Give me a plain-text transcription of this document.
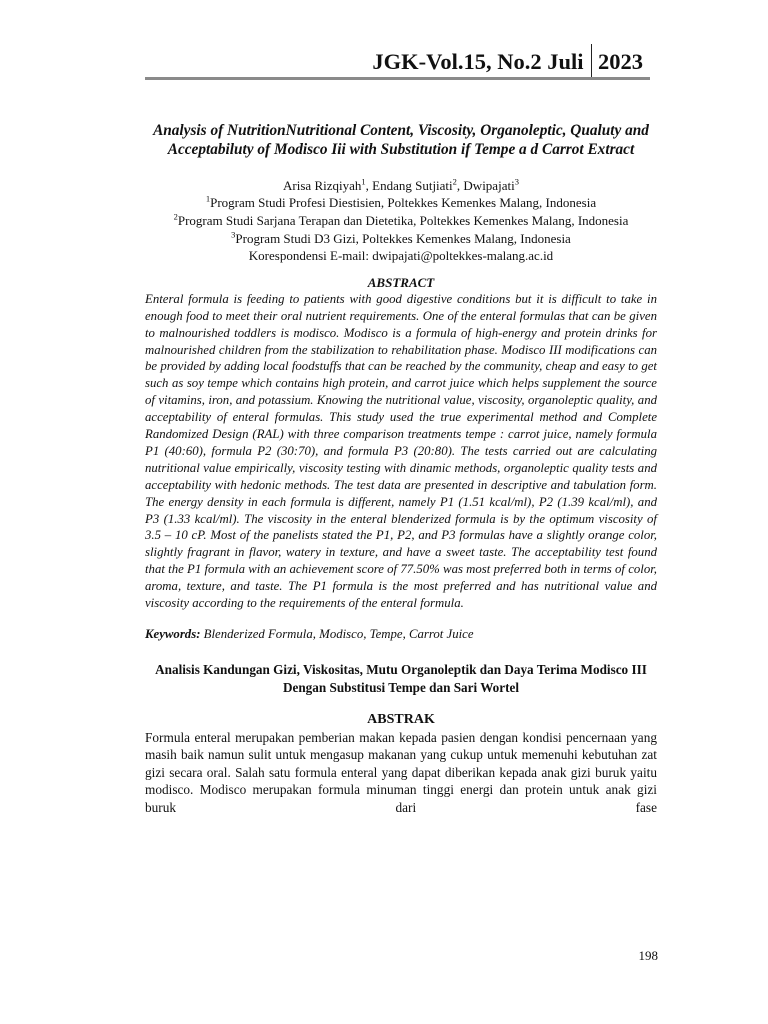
JGK-Vol.15, No.2 Juli 2023

Analysis of NutritionNutritional Content, Viscosity, Organoleptic, Qualuty and Acceptabiluty of Modisco Iii with Substitution if Tempe a d Carrot Extract

Arisa Rizqiyah$^1$, Endang Sutjiati$^2$, Dwipajati$^3$

$^1$Program Studi Profesi Diestisien, Poltekkes Kemenkes Malang, Indonesia

$^2$Program Studi Sarjana Terapan dan Dietetika, Poltekkes Kemenkes Malang, Indonesia

$^3$Program Studi D3 Gizi, Poltekkes Kemenkes Malang, Indonesia

Korespondensi E-mail: dwipajati@poltekkes-malang.ac.id

ABSTRACT

Enteral formula is feeding to patients with good digestive conditions but it is difficult to take in enough food to meet their oral nutrient requirements. One of the enteral formulas that can be given to malnourished toddlers is modisco. Modisco is a formula of high-energy and protein drinks for malnourished children from the stabilization to rehabilitation phase. Modisco III modifications can be provided by adding local foodstuffs that can be reached by the community, cheap and easy to get such as soy tempe which contains high protein, and carrot juice which helps supplement the source of vitamins, iron, and potassium. Knowing the nutritional value, viscosity, organoleptic quality, and acceptability of enteral formulas. This study used the true experimental method and Complete Randomized Design (RAL) with three comparison treatments tempe : carrot juice, namely formula P1 (40:60), formula P2 (30:70), and formula P3 (20:80). The tests carried out are calculating nutritional value empirically, viscosity testing with dinamic methods, organoleptic quality tests and acceptability with hedonic methods. The test data are presented in descriptive and tabulation form. The energy density in each formula is different, namely P1 (1.51 kcal/ml), P2 (1.39 kcal/ml), and P3 (1.33 kcal/ml). The viscosity in the enteral blenderized formula is by the optimum viscosity of 3.5 – 10 cP. Most of the panelists stated the P1, P2, and P3 formulas have a slightly orange color, slightly fragrant in flavor, watery in texture, and have a sweet taste. The acceptability test found that the P1 formula with an achievement score of 77.50% was most preferred both in terms of color, aroma, texture, and taste. The P1 formula is the most preferred and has nutritional value and viscosity according to the requirements of the enteral formula.

Keywords: Blenderized Formula, Modisco, Tempe, Carrot Juice

Analisis Kandungan Gizi, Viskositas, Mutu Organoleptik dan Daya Terima Modisco III Dengan Substitusi Tempe dan Sari Wortel

ABSTRAK

Formula enteral merupakan pemberian makan kepada pasien dengan kondisi pencernaan yang masih baik namun sulit untuk mengasup makanan yang cukup untuk memenuhi kebutuhan zat gizi secara oral. Salah satu formula enteral yang dapat diberikan kepada anak gizi buruk yaitu modisco. Modisco merupakan formula minuman tinggi energi dan protein untuk anak gizi buruk dari fase

198
